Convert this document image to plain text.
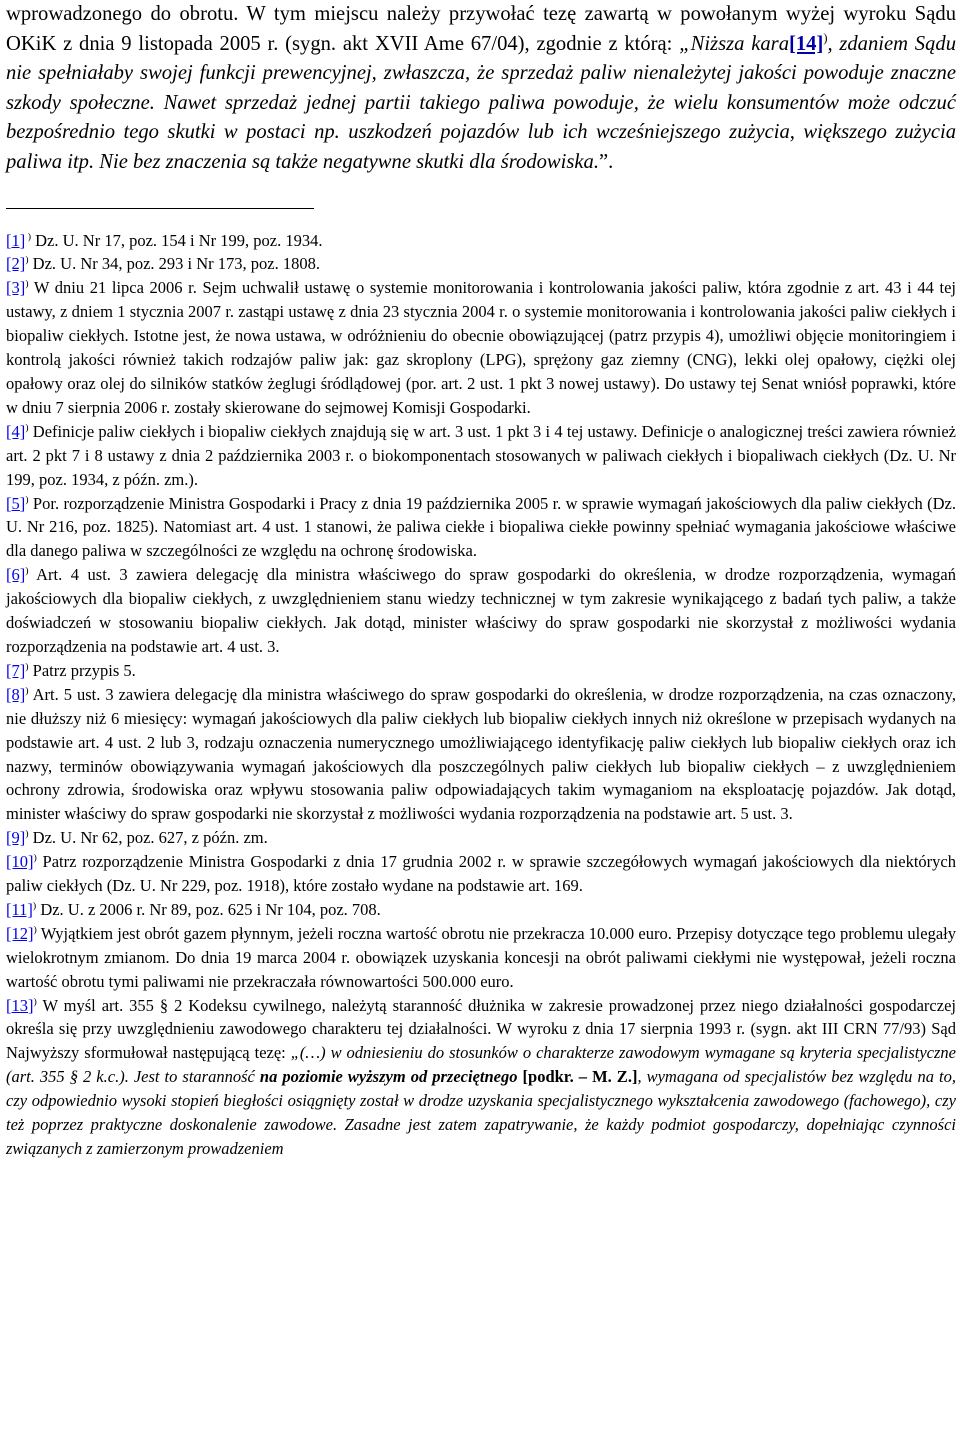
wprowadzonego do obrotu. W tym miejscu należy przywołać tezę zawartą w powołanym wyżej wyroku Sądu OKiK z dnia 9 listopada 2005 r. (sygn. akt XVII Ame 67/04), zgodnie z którą: „Niższa kara[14]), zdaniem Sądu nie spełniałaby swojej funkcji prewencyjnej, zwłaszcza, że sprzedaż paliw nienależytej jakości powoduje znaczne szkody społeczne. Nawet sprzedaż jednej partii takiego paliwa powoduje, że wielu konsumentów może odczuć bezpośrednio tego skutki w postaci np. uszkodzeń pojazdów lub ich wcześniejszego zużycia, większego zużycia paliwa itp. Nie bez znaczenia są także negatywne skutki dla środowiska.”.

[1] ) Dz. U. Nr 17, poz. 154 i Nr 199, poz. 1934.

[2]) Dz. U. Nr 34, poz. 293 i Nr 173, poz. 1808.

[3]) W dniu 21 lipca 2006 r. Sejm uchwalił ustawę o systemie monitorowania i kontrolowania jakości paliw, która zgodnie z art. 43 i 44 tej ustawy, z dniem 1 stycznia 2007 r. zastąpi ustawę z dnia 23 stycznia 2004 r. o systemie monitorowania i kontrolowania jakości paliw ciekłych i biopaliw ciekłych. Istotne jest, że nowa ustawa, w odróżnieniu do obecnie obowiązującej (patrz przypis 4), umożliwi objęcie monitoringiem i kontrolą jakości również takich rodzajów paliw jak: gaz skroplony (LPG), sprężony gaz ziemny (CNG), lekki olej opałowy, ciężki olej opałowy oraz olej do silników statków żeglugi śródlądowej (por. art. 2 ust. 1 pkt 3 nowej ustawy). Do ustawy tej Senat wniósł poprawki, które w dniu 7 sierpnia 2006 r. zostały skierowane do sejmowej Komisji Gospodarki.

[4]) Definicje paliw ciekłych i biopaliw ciekłych znajdują się w art. 3 ust. 1 pkt 3 i 4 tej ustawy. Definicje o analogicznej treści zawiera również art. 2 pkt 7 i 8 ustawy z dnia 2 października 2003 r. o biokomponentach stosowanych w paliwach ciekłych i biopaliwach ciekłych (Dz. U. Nr 199, poz. 1934, z późn. zm.).

[5]) Por. rozporządzenie Ministra Gospodarki i Pracy z dnia 19 października 2005 r. w sprawie wymagań jakościowych dla paliw ciekłych (Dz. U. Nr 216, poz. 1825). Natomiast art. 4 ust. 1 stanowi, że paliwa ciekłe i biopaliwa ciekłe powinny spełniać wymagania jakościowe właściwe dla danego paliwa w szczególności ze względu na ochronę środowiska.

[6]) Art. 4 ust. 3 zawiera delegację dla ministra właściwego do spraw gospodarki do określenia, w drodze rozporządzenia, wymagań jakościowych dla biopaliw ciekłych, z uwzględnieniem stanu wiedzy technicznej w tym zakresie wynikającego z badań tych paliw, a także doświadczeń w stosowaniu biopaliw ciekłych. Jak dotąd, minister właściwy do spraw gospodarki nie skorzystał z możliwości wydania rozporządzenia na podstawie art. 4 ust. 3.

[7]) Patrz przypis 5.

[8]) Art. 5 ust. 3 zawiera delegację dla ministra właściwego do spraw gospodarki do określenia, w drodze rozporządzenia, na czas oznaczony, nie dłuższy niż 6 miesięcy: wymagań jakościowych dla paliw ciekłych lub biopaliw ciekłych innych niż określone w przepisach wydanych na podstawie art. 4 ust. 2 lub 3, rodzaju oznaczenia numerycznego umożliwiającego identyfikację paliw ciekłych lub biopaliw ciekłych oraz ich nazwy, terminów obowiązywania wymagań jakościowych dla poszczególnych paliw ciekłych lub biopaliw ciekłych – z uwzględnieniem ochrony zdrowia, środowiska oraz wpływu stosowania paliw odpowiadających takim wymaganiom na eksploatację pojazdów. Jak dotąd, minister właściwy do spraw gospodarki nie skorzystał z możliwości wydania rozporządzenia na podstawie art. 5 ust. 3.

[9]) Dz. U. Nr 62, poz. 627, z późn. zm.

[10]) Patrz rozporządzenie Ministra Gospodarki z dnia 17 grudnia 2002 r. w sprawie szczegółowych wymagań jakościowych dla niektórych paliw ciekłych (Dz. U. Nr 229, poz. 1918), które zostało wydane na podstawie art. 169.

[11]) Dz. U. z 2006 r. Nr 89, poz. 625 i Nr 104, poz. 708.

[12]) Wyjątkiem jest obrót gazem płynnym, jeżeli roczna wartość obrotu nie przekracza 10.000 euro. Przepisy dotyczące tego problemu ulegały wielokrotnym zmianom. Do dnia 19 marca 2004 r. obowiązek uzyskania koncesji na obrót paliwami ciekłymi nie występował, jeżeli roczna wartość obrotu tymi paliwami nie przekraczała równowartości 500.000 euro.

[13]) W myśl art. 355 § 2 Kodeksu cywilnego, należytą staranność dłużnika w zakresie prowadzonej przez niego działalności gospodarczej określa się przy uwzględnieniu zawodowego charakteru tej działalności. W wyroku z dnia 17 sierpnia 1993 r. (sygn. akt III CRN 77/93) Sąd Najwyższy sformułował następującą tezę: „(…) w odniesieniu do stosunków o charakterze zawodowym wymagane są kryteria specjalistyczne (art. 355 § 2 k.c.). Jest to staranność na poziomie wyższym od przeciętnego [podkr. – M. Z.], wymagana od specjalistów bez względu na to, czy odpowiednio wysoki stopień biegłości osiągnięty został w drodze uzyskania specjalistycznego wykształcenia zawodowego (fachowego), czy też poprzez praktyczne doskonalenie zawodowe. Zasadne jest zatem zapatrywanie, że każdy podmiot gospodarczy, dopełniając czynności związanych z zamierzonym prowadzeniem
